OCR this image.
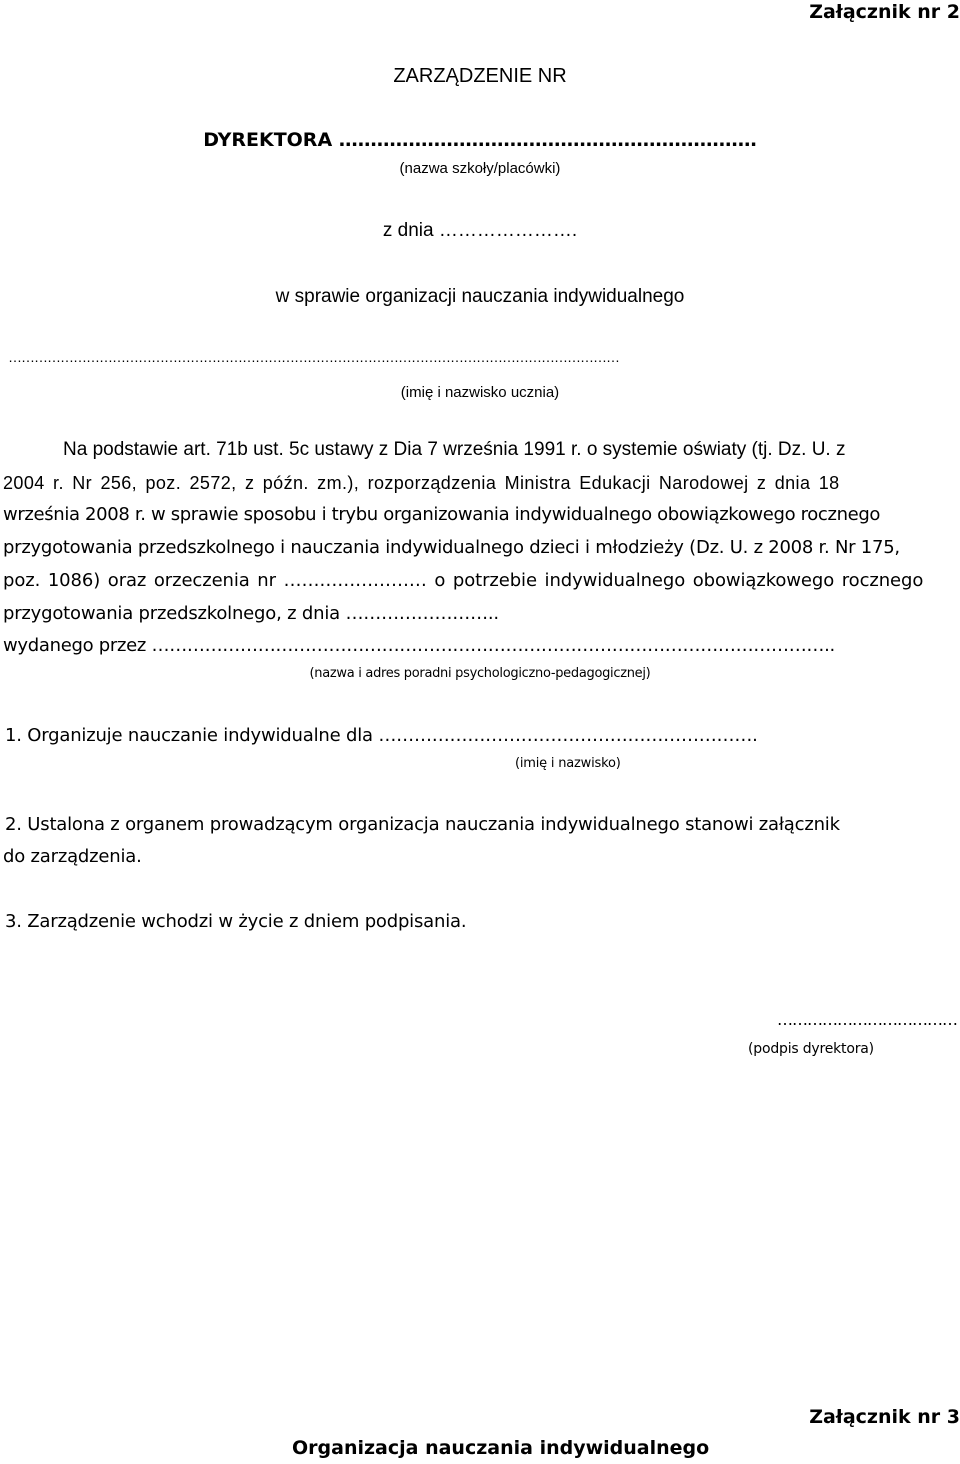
Załącznik nr 2
ZARZĄDZENIE NR
DYREKTORA …………………………………………………………
(nazwa szkoły/placówki)
z dnia ………………….
w sprawie organizacji nauczania indywidualnego
……………………………………………………………………………………………………………………………
(imię i nazwisko ucznia)
Na podstawie art. 71b ust. 5c ustawy z Dia 7 września 1991 r. o systemie oświaty (tj. Dz. U. z
2004 r. Nr 256, poz. 2572, z późn. zm.), rozporządzenia Ministra Edukacji Narodowej z dnia 18
września 2008 r. w sprawie sposobu i trybu organizowania indywidualnego obowiązkowego rocznego
przygotowania przedszkolnego i nauczania indywidualnego dzieci i młodzieży (Dz. U. z 2008 r. Nr 175,
poz. 1086) oraz orzeczenia nr …………………… o potrzebie indywidualnego obowiązkowego rocznego
przygotowania przedszkolnego, z dnia ……………………..
wydanego przez ……………………………………………………………………………………………………..
(nazwa i adres poradni psychologiczno-pedagogicznej)
1. Organizuje nauczanie indywidualne dla ……………………………………………………….
(imię i nazwisko)
2. Ustalona z organem prowadzącym organizacja nauczania indywidualnego stanowi załącznik
do zarządzenia.
3. Zarządzenie wchodzi w życie z dniem podpisania.
………………………………
(podpis dyrektora)
Załącznik nr 3
Organizacja nauczania indywidualnego
